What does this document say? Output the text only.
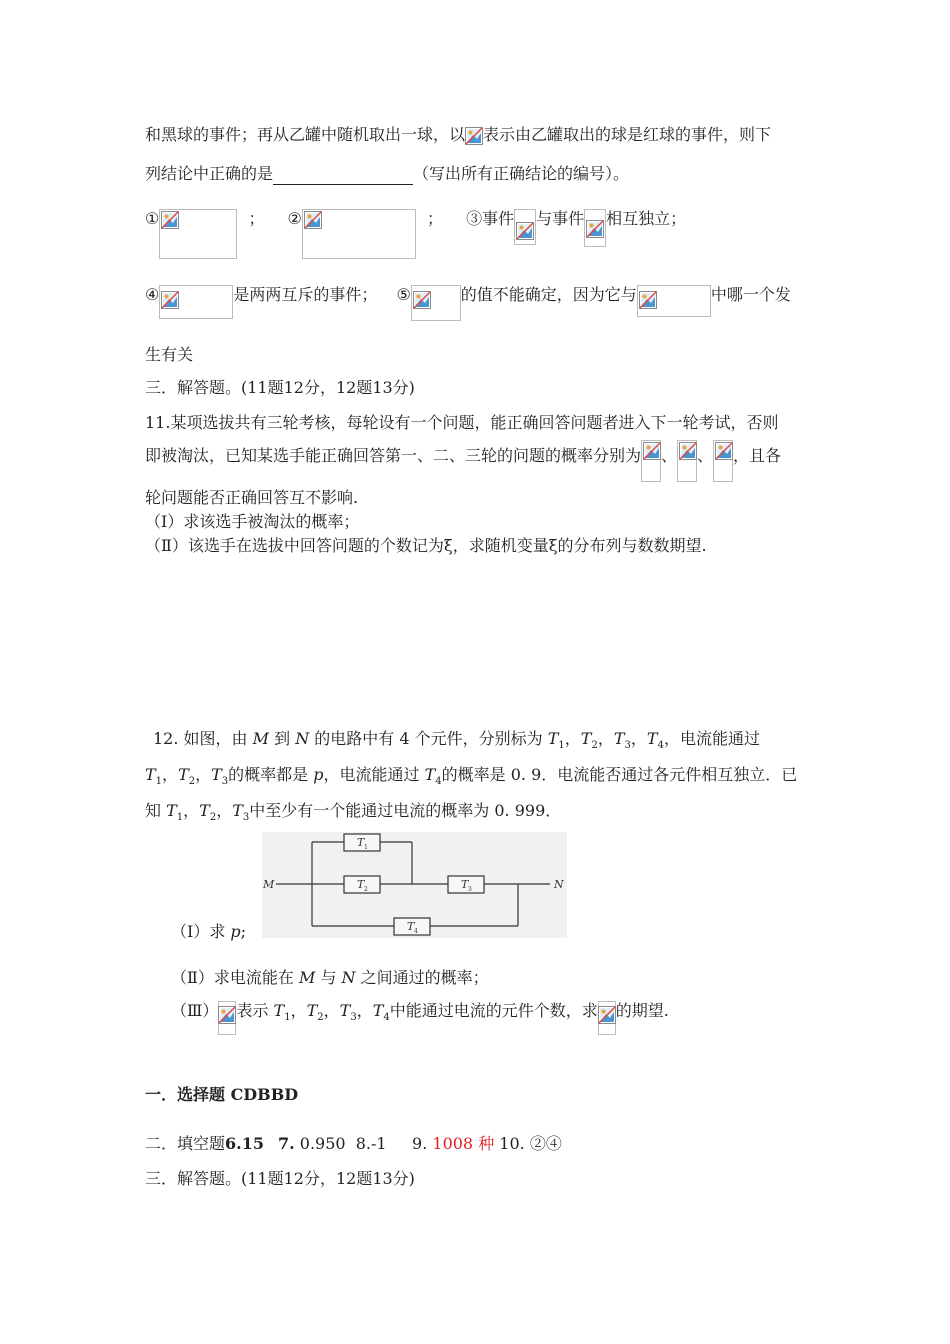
和黑球的事件；再从乙罐中随机取出一球，以 表示由乙罐取出的球是红球的事件，则下
列结论中正确的是	（写出所有正确结论的编号）。
①	； ②	； ③事件 与事件 相互独立；
④	是两两互斥的事件； ⑤	的值不能确定，因为它与	中哪一个发
生有关
三．解答题。(11题12分，12题13分)
11.某项选拔共有三轮考核，每轮设有一个问题，能正确回答问题者进入下一轮考试，否则
即被淘汰，已知某选手能正确回答第一、二、三轮的问题的概率分别为 、 、 ，且各
轮问题能否正确回答互不影响.
（Ⅰ）求该选手被淘汰的概率；
（Ⅱ）该选手在选拔中回答问题的个数记为ξ，求随机变量ξ的分布列与数数期望.
12. 如图，由 M 到 N 的电路中有 4 个元件，分别标为 $T_1$，$T_2$，$T_3$，$T_4$，电流能通过
$T_1$，$T_2$，$T_3$的概率都是 p，电流能通过 $T_4$的概率是 0. 9．电流能否通过各元件相互独立．已
知 $T_1$，$T_2$，$T_3$中至少有一个能通过电流的概率为 0. 999．
M	N
T
T	T
T
1
2	3
4
（Ⅰ）求 p;
（Ⅱ）求电流能在 M 与 N 之间通过的概率；
（Ⅲ） 表示 $T_1$，$T_2$，$T_3$，$T_4$中能通过电流的元件个数，求 的期望.
一．选择题 CDBBD
二．填空题6.15 7. 0.950  8.-1     9. 1008 种 10. ②④
三．解答题。(11题12分，12题13分)
